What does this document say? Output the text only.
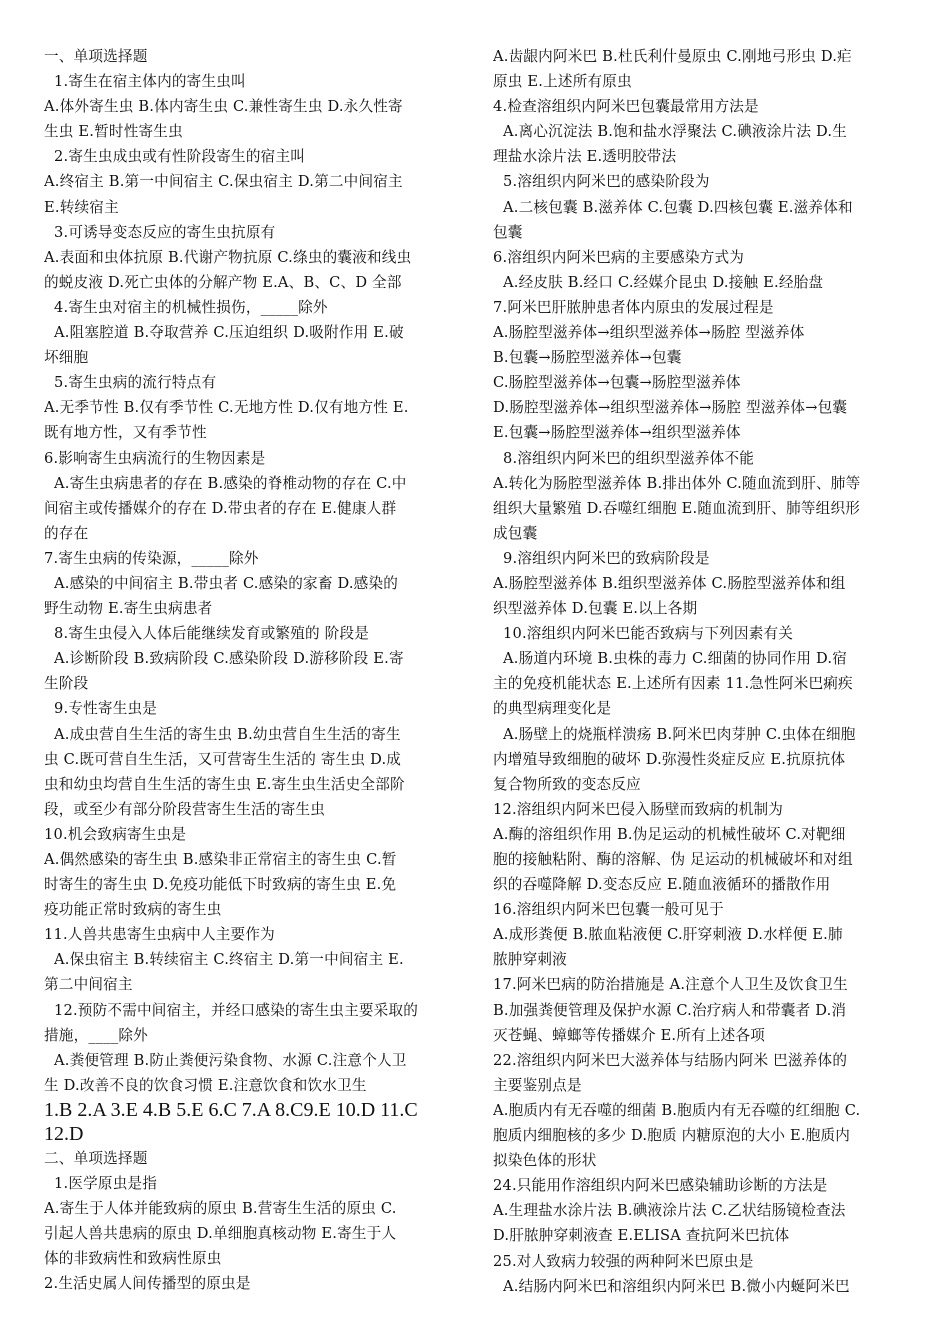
一、单项选择题
1.寄生在宿主体内的寄生虫叫
A.体外寄生虫 B.体内寄生虫 C.兼性寄生虫 D.永久性寄
生虫 E.暂时性寄生虫
2.寄生虫成虫或有性阶段寄生的宿主叫
A.终宿主 B.第一中间宿主 C.保虫宿主 D.第二中间宿主
E.转续宿主
3.可诱导变态反应的寄生虫抗原有
A.表面和虫体抗原 B.代谢产物抗原 C.绦虫的囊液和线虫
的蜕皮液 D.死亡虫体的分解产物 E.A、B、C、D 全部
4.寄生虫对宿主的机械性损伤，_____除外
A.阻塞腔道 B.夺取营养 C.压迫组织 D.吸附作用 E.破
坏细胞
5.寄生虫病的流行特点有
A.无季节性 B.仅有季节性 C.无地方性 D.仅有地方性 E.
既有地方性，又有季节性
6.影响寄生虫病流行的生物因素是
A.寄生虫病患者的存在 B.感染的脊椎动物的存在 C.中
间宿主或传播媒介的存在 D.带虫者的存在 E.健康人群
的存在
7.寄生虫病的传染源，_____除外
A.感染的中间宿主 B.带虫者 C.感染的家畜 D.感染的
野生动物 E.寄生虫病患者
8.寄生虫侵入人体后能继续发育或繁殖的 阶段是
A.诊断阶段 B.致病阶段 C.感染阶段 D.游移阶段 E.寄
生阶段
9.专性寄生虫是
A.成虫营自生生活的寄生虫 B.幼虫营自生生活的寄生
虫 C.既可营自生生活，又可营寄生生活的 寄生虫 D.成
虫和幼虫均营自生生活的寄生虫 E.寄生虫生活史全部阶
段，或至少有部分阶段营寄生生活的寄生虫
10.机会致病寄生虫是
A.偶然感染的寄生虫 B.感染非正常宿主的寄生虫 C.暂
时寄生的寄生虫 D.免疫功能低下时致病的寄生虫 E.免
疫功能正常时致病的寄生虫
11.人兽共患寄生虫病中人主要作为
A.保虫宿主 B.转续宿主 C.终宿主 D.第一中间宿主 E.
第二中间宿主
12.预防不需中间宿主，并经口感染的寄生虫主要采取的
措施，____除外
A.粪便管理 B.防止粪便污染食物、水源 C.注意个人卫
生 D.改善不良的饮食习惯 E.注意饮食和饮水卫生
1.B 2.A 3.E 4.B 5.E 6.C 7.A 8.C9.E 10.D 11.C
12.D
二、单项选择题
1.医学原虫是指
A.寄生于人体并能致病的原虫 B.营寄生生活的原虫 C.
引起人兽共患病的原虫 D.单细胞真核动物 E.寄生于人
体的非致病性和致病性原虫
2.生活史属人间传播型的原虫是
A.齿龈内阿米巴 B.杜氏利什曼原虫 C.刚地弓形虫 D.疟
原虫 E.上述所有原虫
4.检查溶组织内阿米巴包囊最常用方法是
A.离心沉淀法 B.饱和盐水浮聚法 C.碘液涂片法 D.生
理盐水涂片法 E.透明胶带法
5.溶组织内阿米巴的感染阶段为
A.二核包囊 B.滋养体 C.包囊 D.四核包囊 E.滋养体和
包囊
6.溶组织内阿米巴病的主要感染方式为
A.经皮肤 B.经口 C.经媒介昆虫 D.接触 E.经胎盘
7.阿米巴肝脓肿患者体内原虫的发展过程是
A.肠腔型滋养体→组织型滋养体→肠腔 型滋养体
B.包囊→肠腔型滋养体→包囊
C.肠腔型滋养体→包囊→肠腔型滋养体
D.肠腔型滋养体→组织型滋养体→肠腔 型滋养体→包囊
E.包囊→肠腔型滋养体→组织型滋养体
8.溶组织内阿米巴的组织型滋养体不能
A.转化为肠腔型滋养体 B.排出体外 C.随血流到肝、肺等
组织大量繁殖 D.吞噬红细胞 E.随血流到肝、肺等组织形
成包囊
9.溶组织内阿米巴的致病阶段是
A.肠腔型滋养体 B.组织型滋养体 C.肠腔型滋养体和组
织型滋养体 D.包囊 E.以上各期
10.溶组织内阿米巴能否致病与下列因素有关
A.肠道内环境 B.虫株的毒力 C.细菌的协同作用 D.宿
主的免疫机能状态 E.上述所有因素 11.急性阿米巴痢疾
的典型病理变化是
A.肠壁上的烧瓶样溃疡 B.阿米巴肉芽肿 C.虫体在细胞
内增殖导致细胞的破坏 D.弥漫性炎症反应 E.抗原抗体
复合物所致的变态反应
12.溶组织内阿米巴侵入肠壁而致病的机制为
A.酶的溶组织作用 B.伪足运动的机械性破坏 C.对靶细
胞的接触粘附、酶的溶解、伪 足运动的机械破坏和对组
织的吞噬降解 D.变态反应 E.随血液循环的播散作用
16.溶组织内阿米巴包囊一般可见于
A.成形粪便 B.脓血粘液便 C.肝穿刺液 D.水样便 E.肺
脓肿穿刺液
17.阿米巴病的防治措施是 A.注意个人卫生及饮食卫生
B.加强粪便管理及保护水源 C.治疗病人和带囊者 D.消
灭苍蝇、蟑螂等传播媒介 E.所有上述各项
22.溶组织内阿米巴大滋养体与结肠内阿米 巴滋养体的
主要鉴别点是
A.胞质内有无吞噬的细菌 B.胞质内有无吞噬的红细胞 C.
胞质内细胞核的多少 D.胞质 内糖原泡的大小 E.胞质内
拟染色体的形状
24.只能用作溶组织内阿米巴感染辅助诊断的方法是
A.生理盐水涂片法 B.碘液涂片法 C.乙状结肠镜检查法
D.肝脓肿穿刺液查 E.ELISA 查抗阿米巴抗体
25.对人致病力较强的两种阿米巴原虫是
A.结肠内阿米巴和溶组织内阿米巴 B.微小内蜒阿米巴
